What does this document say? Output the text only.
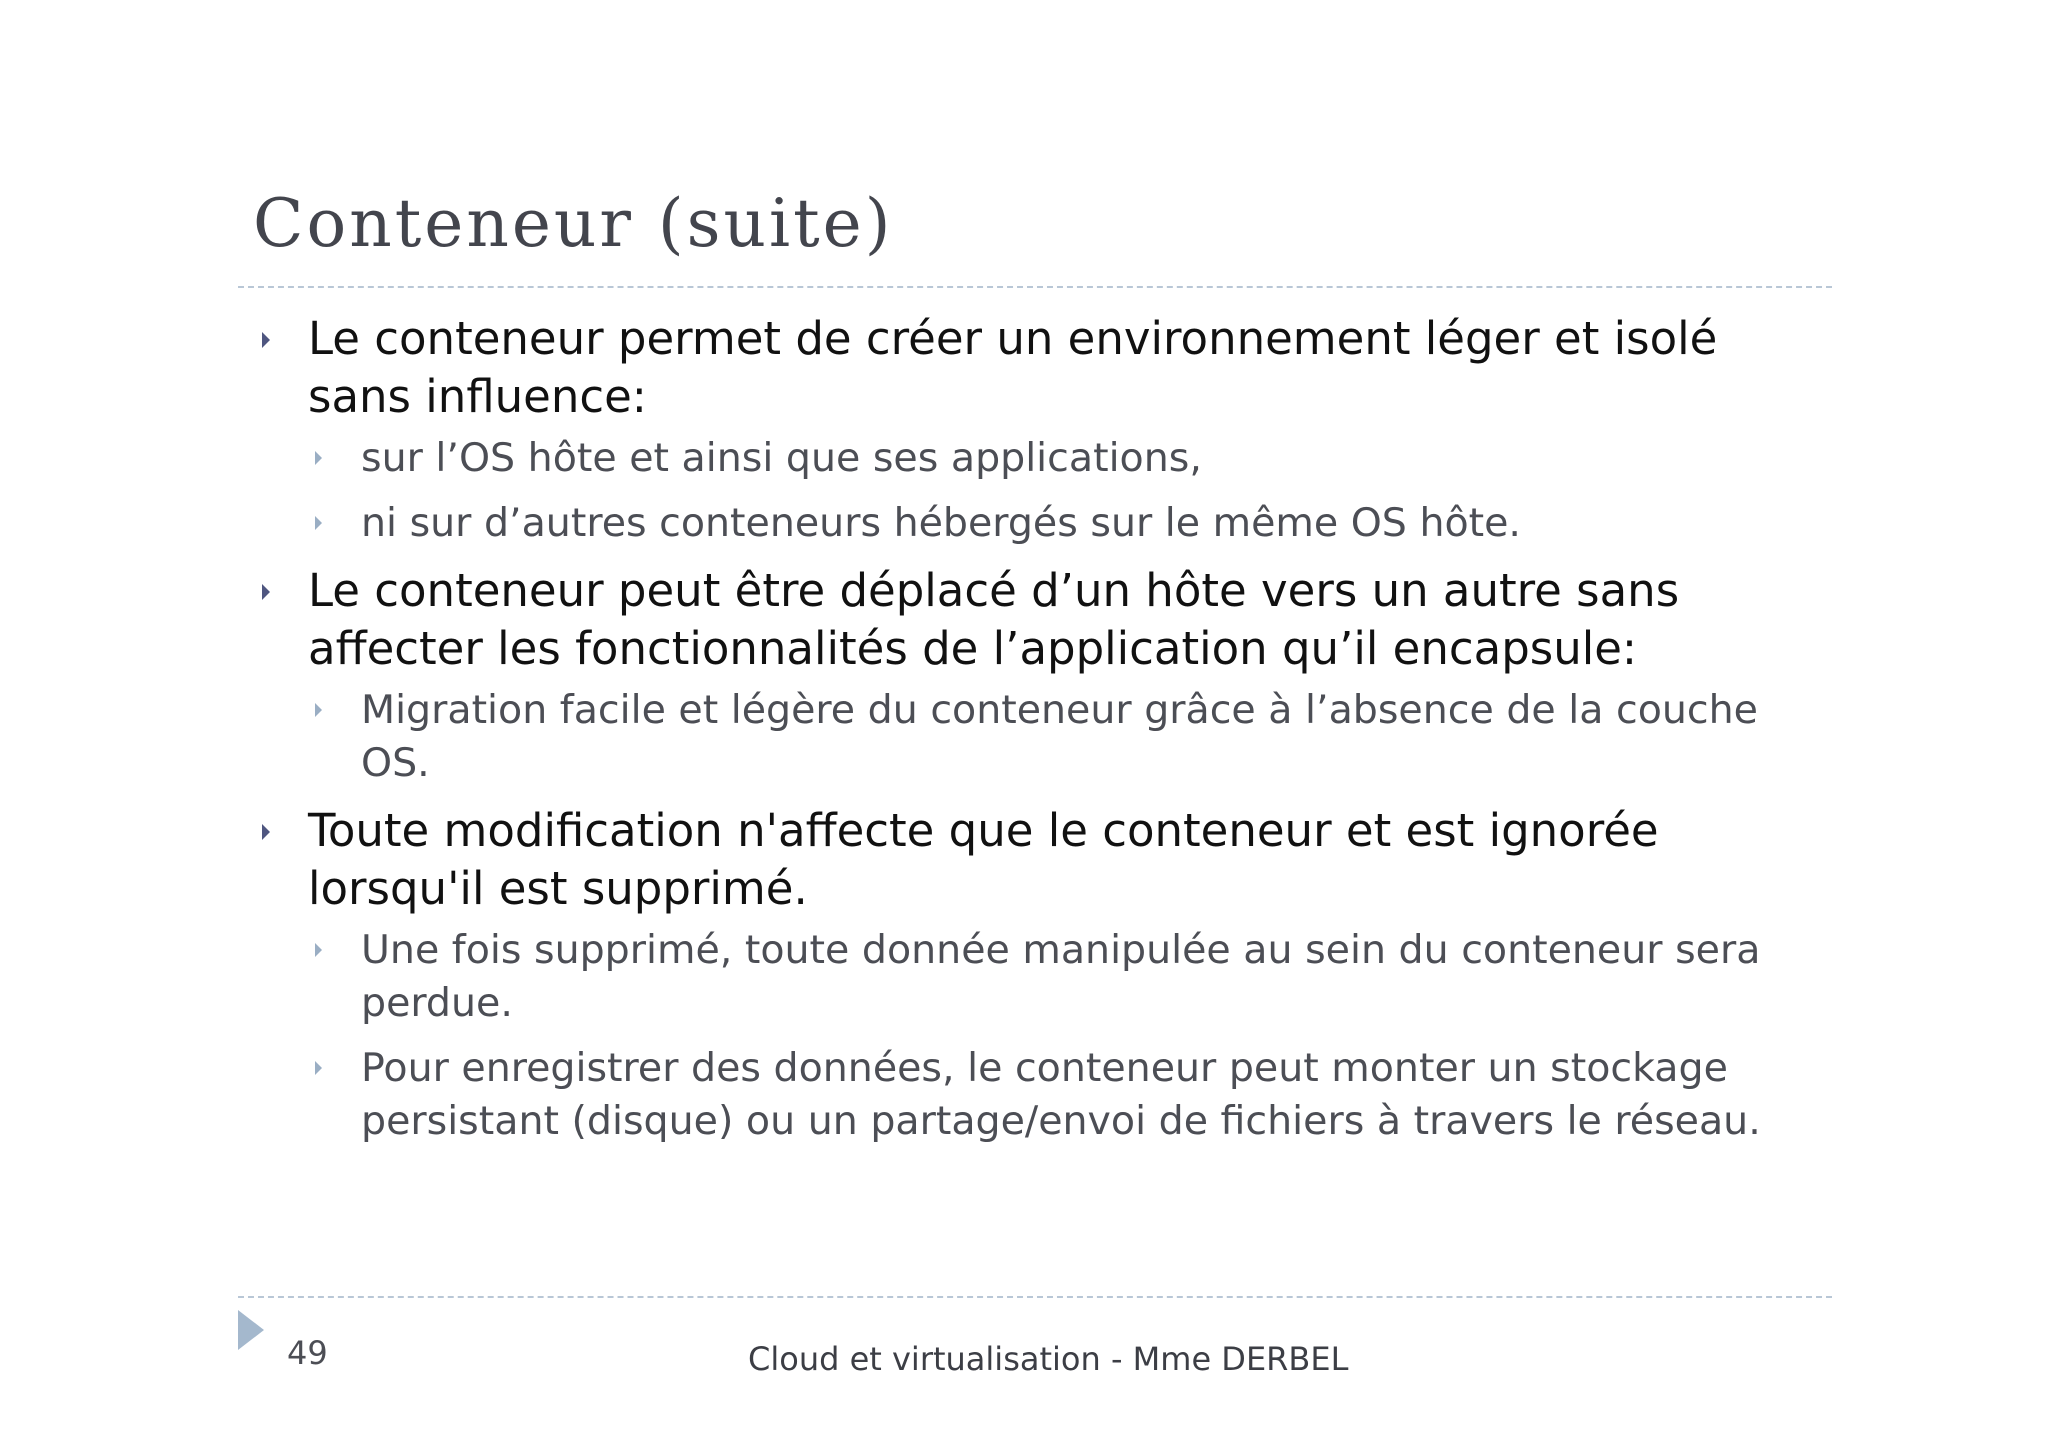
Conteneur (suite)
Le conteneur permet de créer un environnement léger et isolé sans influence:
sur l’OS hôte et ainsi que ses applications,
ni sur d’autres conteneurs hébergés sur le même OS hôte.
Le conteneur peut être déplacé d’un hôte vers un autre sans affecter les fonctionnalités de l’application qu’il encapsule:
Migration facile et légère du conteneur grâce à l’absence de la couche OS.
Toute modification n'affecte que le conteneur et est ignorée lorsqu'il est supprimé.
Une fois supprimé, toute donnée manipulée au sein du conteneur sera perdue.
Pour enregistrer des données, le conteneur peut monter un stockage persistant (disque) ou un partage/envoi de fichiers à travers le réseau.
49	Cloud et virtualisation - Mme DERBEL
